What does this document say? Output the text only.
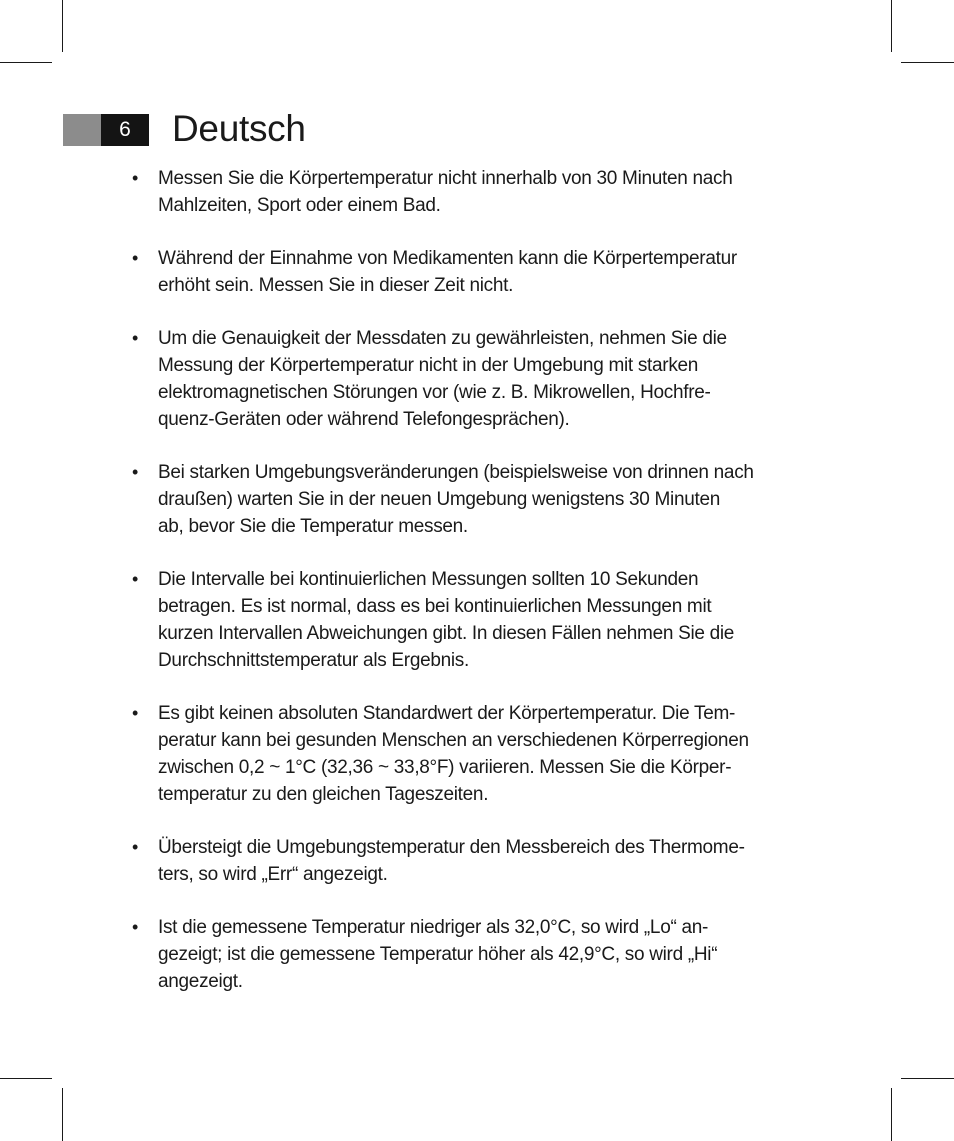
6	Deutsch
• Messen Sie die Körpertemperatur nicht innerhalb von 30 Minuten nach
Mahlzeiten, Sport oder einem Bad.
• Während der Einnahme von Medikamenten kann die Körpertemperatur
erhöht sein. Messen Sie in dieser Zeit nicht.
• Um die Genauigkeit der Messdaten zu gewährleisten, nehmen Sie die
Messung der Körpertemperatur nicht in der Umgebung mit starken
elektromagnetischen Störungen vor (wie z. B. Mikrowellen, Hochfre-
quenz-Geräten oder während Telefongesprächen).
• Bei starken Umgebungsveränderungen (beispielsweise von drinnen nach
draußen) warten Sie in der neuen Umgebung wenigstens 30 Minuten
ab, bevor Sie die Temperatur messen.
• Die Intervalle bei kontinuierlichen Messungen sollten 10 Sekunden
betragen. Es ist normal, dass es bei kontinuierlichen Messungen mit
kurzen Intervallen Abweichungen gibt. In diesen Fällen nehmen Sie die
Durchschnittstemperatur als Ergebnis.
• Es gibt keinen absoluten Standardwert der Körpertemperatur. Die Tem-
peratur kann bei gesunden Menschen an verschiedenen Körperregionen
zwischen 0,2 ~ 1°C (32,36 ~ 33,8°F) variieren. Messen Sie die Körper-
temperatur zu den gleichen Tageszeiten.
• Übersteigt die Umgebungstemperatur den Messbereich des Thermome-
ters, so wird „Err“ angezeigt.
• Ist die gemessene Temperatur niedriger als 32,0°C, so wird „Lo“ an-
gezeigt; ist die gemessene Temperatur höher als 42,9°C, so wird „Hi“
angezeigt.
